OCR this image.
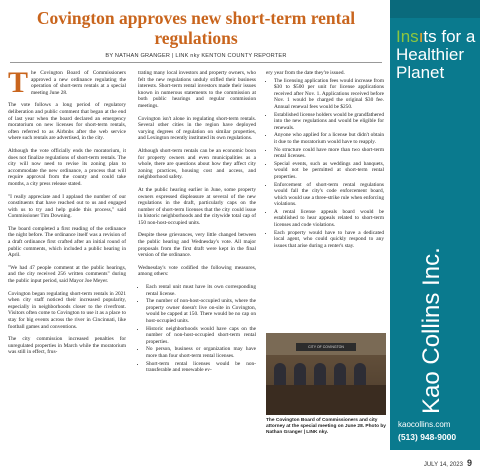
Covington approves new short-term rental regulations
BY NATHAN GRANGER | LINK nky KENTON COUNTY REPORTER
T he Covington Board of Commissioners approved a new ordinance regulating the operation of short-term rentals at a special meeting June 28.

The vote follows a long period of regulatory deliberation and public comment that began at the end of last year when the board declared an emergency moratorium on new licenses for short-term rentals, often referred to as Airbnbs after the web service where such rentals are advertised, in the city.

Although the vote officially ends the moratorium, it does not finalize regulations of short-term rentals. The city will now need to revise its zoning plan to accommodate the new ordinance, a process that will require approval from the county and could take months, a city press release stated.

"I really appreciate and I applaud the number of our constituents that have reached out to us and engaged with us to try and help guide this process," said Commissioner Tim Downing.

The board completed a first reading of the ordinance the night before. The ordinance itself was a revision of a draft ordinance first crafted after an initial round of public comments, which included a public hearing in April.

"We had 47 people comment at the public hearings, and the city received 256 written comments" during the public input period, said Mayor Joe Meyer.

Covington began regulating short-term rentals in 2021 when city staff noticed their increased popularity, especially in neighborhoods closer to the riverfront. Visitors often come to Covington to use it as a place to stay for big events across the river in Cincinnati, like football games and conventions.

The city commission increased penalties for unregulated properties in March while the moratorium was still in effect, frus-

trating many local investors and property owners, who felt the new regulations unduly stifled their business interests. Short-term rental investors made their issues known in numerous statements to the commission at both public hearings and regular commission meetings.

Covington isn't alone in regulating short-term rentals. Several other cities in the region have deployed varying degrees of regulation on similar properties, and Lexington recently instituted its own regulations.

Although short-term rentals can be an economic boon for property owners and even municipalities as a whole, there are questions about how they affect city zoning practices, housing cost and access, and neighborhood safety.

At the public hearing earlier in June, some property owners expressed displeasure at several of the new regulations in the draft, particularly caps on the number of short-term licenses that the city could issue in historic neighborhoods and the citywide total cap of 150 non-host-occupied units.

Despite these grievances, very little changed between the public hearing and Wednesday's vote. All major proposals from the first draft were kept in the final version of the ordinance.

Wednesday's vote codified the following measures, among others:

• Each rental unit must have its own corresponding rental license.
• The number of non-host-occupied units, where the property owner doesn't live on-site in Covington, would be capped at 150. There would be no cap on host-occupied units.
• Historic neighborhoods would have caps on the number of non-host-occupied short-term rental properties.
• No person, business or organization may have more than four short-term rental licenses.
• Short-term rental licenses would be non-transferable and renewable ev-

ery year from the date they're issued.

• The licensing application fees would increase from $30 to $500 per unit for license applications received after Nov. 1. Applications received before Nov. 1 would be charged the original $30 fee. Annual renewal fees would be $250.
• Established license holders would be grandfathered into the new regulations and would be eligible for renewals.
• Anyone who applied for a license but didn't obtain it due to the moratorium would have to reapply.
• No structure could have more than two short-term rental licenses.
• Special events, such as weddings and banquets, would not be permitted at short-term rental properties.
• Enforcement of short-term rental regulations would fall the city's code enforcement board, which would use a three-strike rule when enforcing violations.
• A rental license appeals board would be established to hear appeals related to short-term licenses and code violations.
• Each property would have to have a dedicated local agent, who could quickly respond to any issues that arise during a renter's stay.
CITY OF COVINGTON
The Covington Board of Commissioners and city attorney at the special meeting on June 28. Photo by Nathan Granger | LINK nky.
Insıts for a Healthier Planet
Kao Collins Inc.
kaocollins.com
(513) 948-9000
JULY 14, 2023 9
